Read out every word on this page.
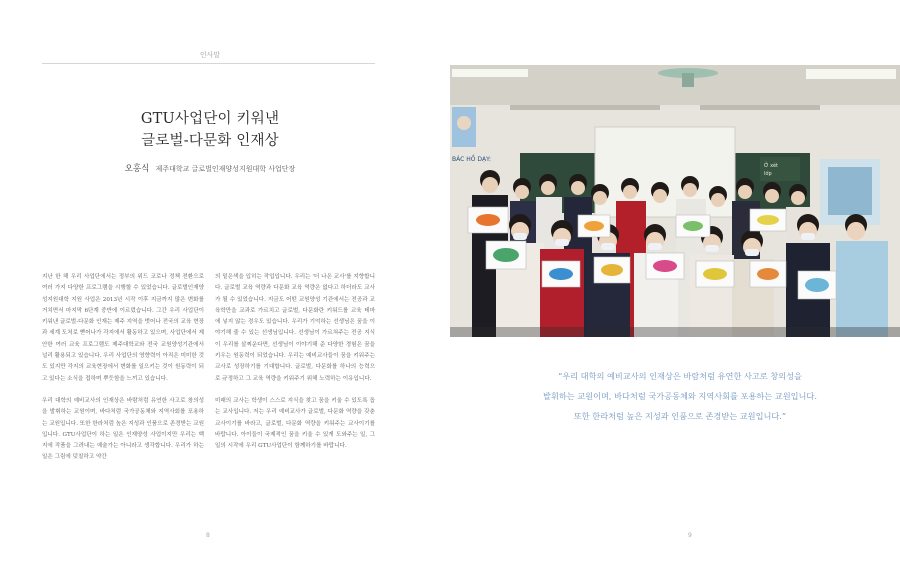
인사말
GTU사업단이 키워낸
글로벌-다문화 인재상
오홍식 제주대학교 글로벌인재양성지원대학 사업단장

지난 한 해 우리 사업단에서는 정부의 위드 코로나 정책 전환으로 여러 가지 다양한 프로그램을 시행할 수 있었습니다. 글로벌인재양성지원대학 지원 사업은 2013년 시작 이후 지금까지 많은 변화를 거치면서 마지막 6단계 중반에 이르렀습니다. 그간 우리 사업단이 키워낸 글로벌-다문화 인재는 제주 지역을 벗어나 전국의 교육 현장과 세계 도처로 뻗어나가 각지에서 활동하고 있으며, 사업단에서 제안한 여러 교육 프로그램도 제주대학교와 전국 교원양성기관에서 널리 활용되고 있습니다. 우리 사업단의 영향력이 아직은 미미한 것도 있지만 각지의 교육현장에서 변화를 일으키는 것이 원동력이 되고 있다는 소식을 접하며 뿌듯함을 느끼고 있습니다.

우리 대학의 예비교사의 인재상은 바람처럼 유연한 사고로 창의성을 발휘하는 교원이며, 바다처럼 국가공동체와 지역사회를 포용하는 교원입니다. 또한 한라처럼 높은 지성과 인품으로 존경받는 교원입니다. GTU사업단이 하는 일은 인재양성 사업이지만 우리는 백지에 작품을 그려내는 예술가는 아니라고 생각합니다. 우리가 하는 일은 그림에 덧칠하고 약간

의 밑은색을 입히는 작업입니다. 우리는 '더 나은 교사'를 지향합니다. 글로벌 교육 역량과 다문화 교육 역량은 없다고 하더라도 교사가 될 수 있었습니다. 지금도 어떤 교원양성 기관에서는 전공과 교육학만을 교과로 가르치고 글로벌, 다문화란 키워드를 교육 테마에 넣지 않는 경우도 있습니다. 우리가 기억하는 선생님은 꿈을 이야기해 줄 수 있는 선생님입니다. 선생님이 가르쳐주는 전공 지식이 우리를 살찌운다면, 선생님이 이야기해 준 다양한 경험은 꿈을 키우는 원동력이 되었습니다. 우리는 예비교사들이 꿈을 키워주는 교사로 성장하기를 기대합니다. 글로벌, 다문화를 하나의 능력으로 규정하고 그 교육 역량을 키워주기 위해 노력하는 이유입니다.

미래의 교사는 학생이 스스로 지식을 찾고 꿈을 키울 수 있도록 돕는 교사입니다. 저는 우리 예비교사가 글로벌, 다문화 역량을 갖춘 교사이기를 바라고, 글로벌, 다문화 역량을 키워주는 교사이기를 바랍니다. 아이들이 국제적인 꿈을 키울 수 있게 도와주는 일, 그 일의 시작에 우리 GTU사업단이 함께하기를 바랍니다.

8
BÁC HỒ DẠY:
Ở xét
lớp
“우리 대학의 예비교사의 인재상은 바람처럼 유연한 사고로 창의성을
발휘하는 교원이며, 바다처럼 국가공동체와 지역사회를 포용하는 교원입니다.
또한 한라처럼 높은 지성과 인품으로 존경받는 교원입니다.”
9
